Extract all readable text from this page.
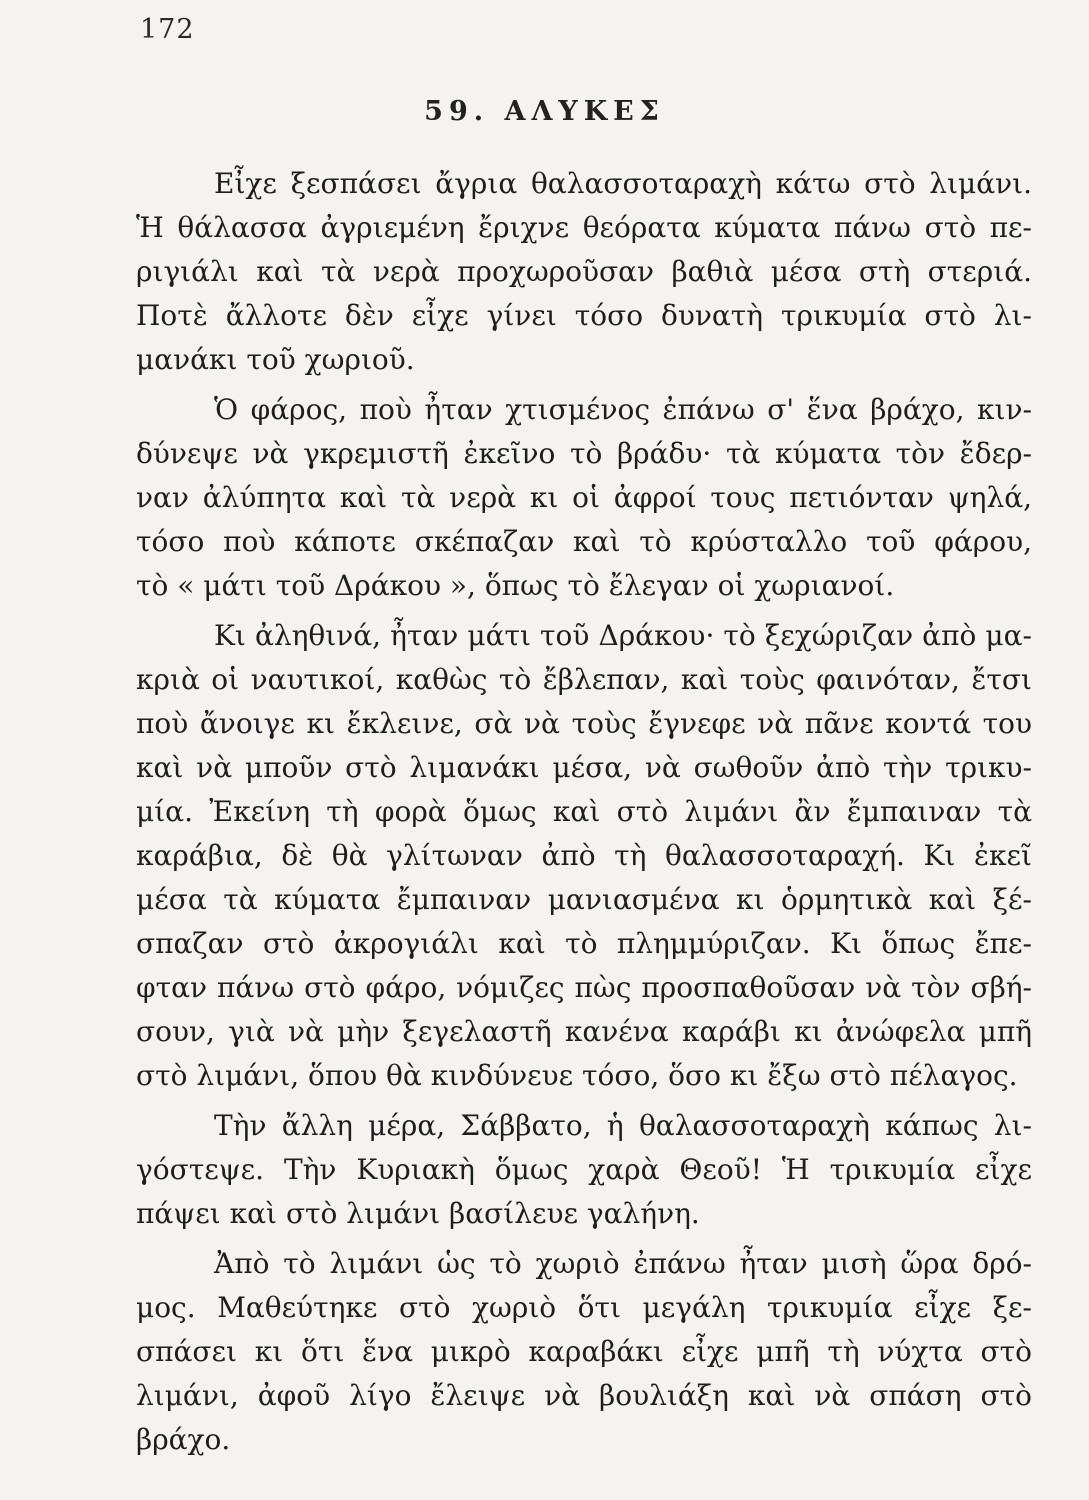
172
59. ΑΛΥΚΕΣ

Εἶχε ξεσπάσει ἄγρια θαλασσοταραχὴ κάτω στὸ λιμάνι.
Ἡ θάλασσα ἀγριεμένη ἔριχνε θεόρατα κύματα πάνω στὸ πε-
ριγιάλι καὶ τὰ νερὰ προχωροῦσαν βαθιὰ μέσα στὴ στεριά.
Ποτὲ ἄλλοτε δὲν εἶχε γίνει τόσο δυνατὴ τρικυμία στὸ λι-
μανάκι τοῦ χωριοῦ.

Ὁ φάρος, ποὺ ἦταν χτισμένος ἐπάνω σ' ἕνα βράχο, κιν-
δύνεψε νὰ γκρεμιστῆ ἐκεῖνο τὸ βράδυ· τὰ κύματα τὸν ἔδερ-
ναν ἀλύπητα καὶ τὰ νερὰ κι οἱ ἀφροί τους πετιόνταν ψηλά,
τόσο ποὺ κάποτε σκέπαζαν καὶ τὸ κρύσταλλο τοῦ φάρου,
τὸ « μάτι τοῦ Δράκου », ὅπως τὸ ἔλεγαν οἱ χωριανοί.

Κι ἀληθινά, ἦταν μάτι τοῦ Δράκου· τὸ ξεχώριζαν ἀπὸ μα-
κριὰ οἱ ναυτικοί, καθὼς τὸ ἔβλεπαν, καὶ τοὺς φαινόταν, ἔτσι
ποὺ ἄνοιγε κι ἔκλεινε, σὰ νὰ τοὺς ἔγνεφε νὰ πᾶνε κοντά του
καὶ νὰ μποῦν στὸ λιμανάκι μέσα, νὰ σωθοῦν ἀπὸ τὴν τρικυ-
μία. Ἐκείνη τὴ φορὰ ὅμως καὶ στὸ λιμάνι ἂν ἔμπαιναν τὰ
καράβια, δὲ θὰ γλίτωναν ἀπὸ τὴ θαλασσοταραχή. Κι ἐκεῖ
μέσα τὰ κύματα ἔμπαιναν μανιασμένα κι ὁρμητικὰ καὶ ξέ-
σπαζαν στὸ ἀκρογιάλι καὶ τὸ πλημμύριζαν. Κι ὅπως ἔπε-
φταν πάνω στὸ φάρο, νόμιζες πὼς προσπαθοῦσαν νὰ τὸν σβή-
σουν, γιὰ νὰ μὴν ξεγελαστῆ κανένα καράβι κι ἀνώφελα μπῆ
στὸ λιμάνι, ὅπου θὰ κινδύνευε τόσο, ὅσο κι ἔξω στὸ πέλαγος.

Τὴν ἄλλη μέρα, Σάββατο, ἡ θαλασσοταραχὴ κάπως λι-
γόστεψε. Τὴν Κυριακὴ ὅμως χαρὰ Θεοῦ! Ἡ τρικυμία εἶχε
πάψει καὶ στὸ λιμάνι βασίλευε γαλήνη.

Ἀπὸ τὸ λιμάνι ὡς τὸ χωριὸ ἐπάνω ἦταν μισὴ ὥρα δρό-
μος. Μαθεύτηκε στὸ χωριὸ ὅτι μεγάλη τρικυμία εἶχε ξε-
σπάσει κι ὅτι ἕνα μικρὸ καραβάκι εἶχε μπῆ τὴ νύχτα στὸ
λιμάνι, ἀφοῦ λίγο ἔλειψε νὰ βουλιάξη καὶ νὰ σπάση στὸ
βράχο.
